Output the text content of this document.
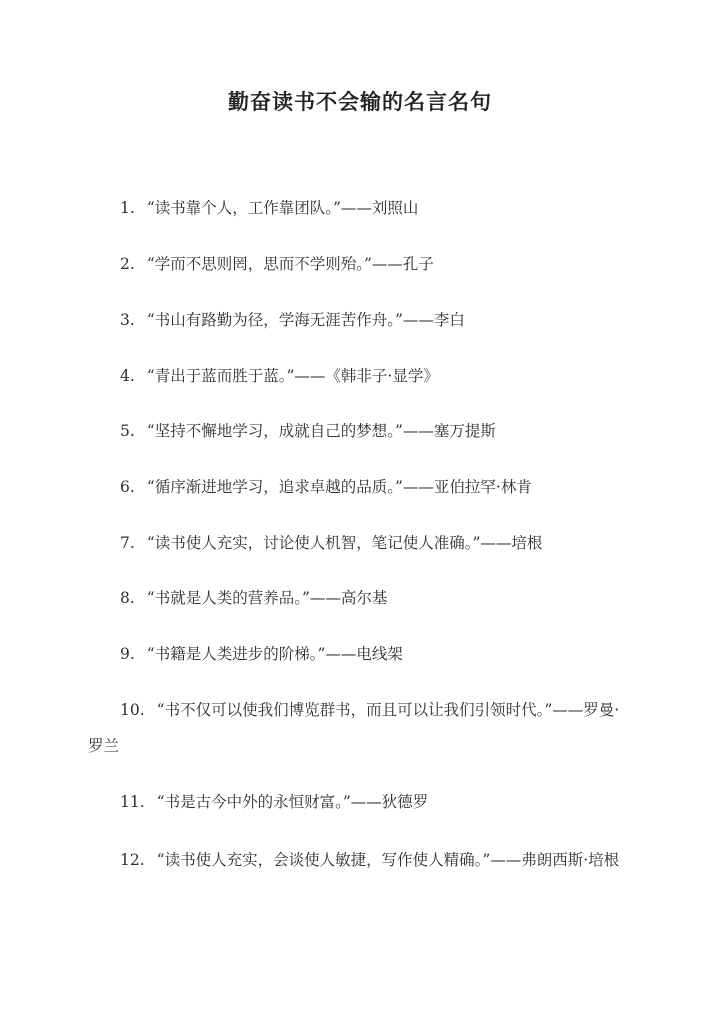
勤奋读书不会输的名言名句

1. “读书靠个人，工作靠团队。”——刘照山

2. “学而不思则罔，思而不学则殆。”——孔子

3. “书山有路勤为径，学海无涯苦作舟。”——李白

4. “青出于蓝而胜于蓝。”——《韩非子·显学》

5. “坚持不懈地学习，成就自己的梦想。”——塞万提斯

6. “循序渐进地学习，追求卓越的品质。”——亚伯拉罕·林肯

7. “读书使人充实，讨论使人机智，笔记使人准确。”——培根

8. “书就是人类的营养品。”——高尔基

9. “书籍是人类进步的阶梯。”——电线架

10. “书不仅可以使我们博览群书，而且可以让我们引领时代。”——罗曼·罗兰

11. “书是古今中外的永恒财富。”——狄德罗

12. “读书使人充实，会谈使人敏捷，写作使人精确。”——弗朗西斯·培根
